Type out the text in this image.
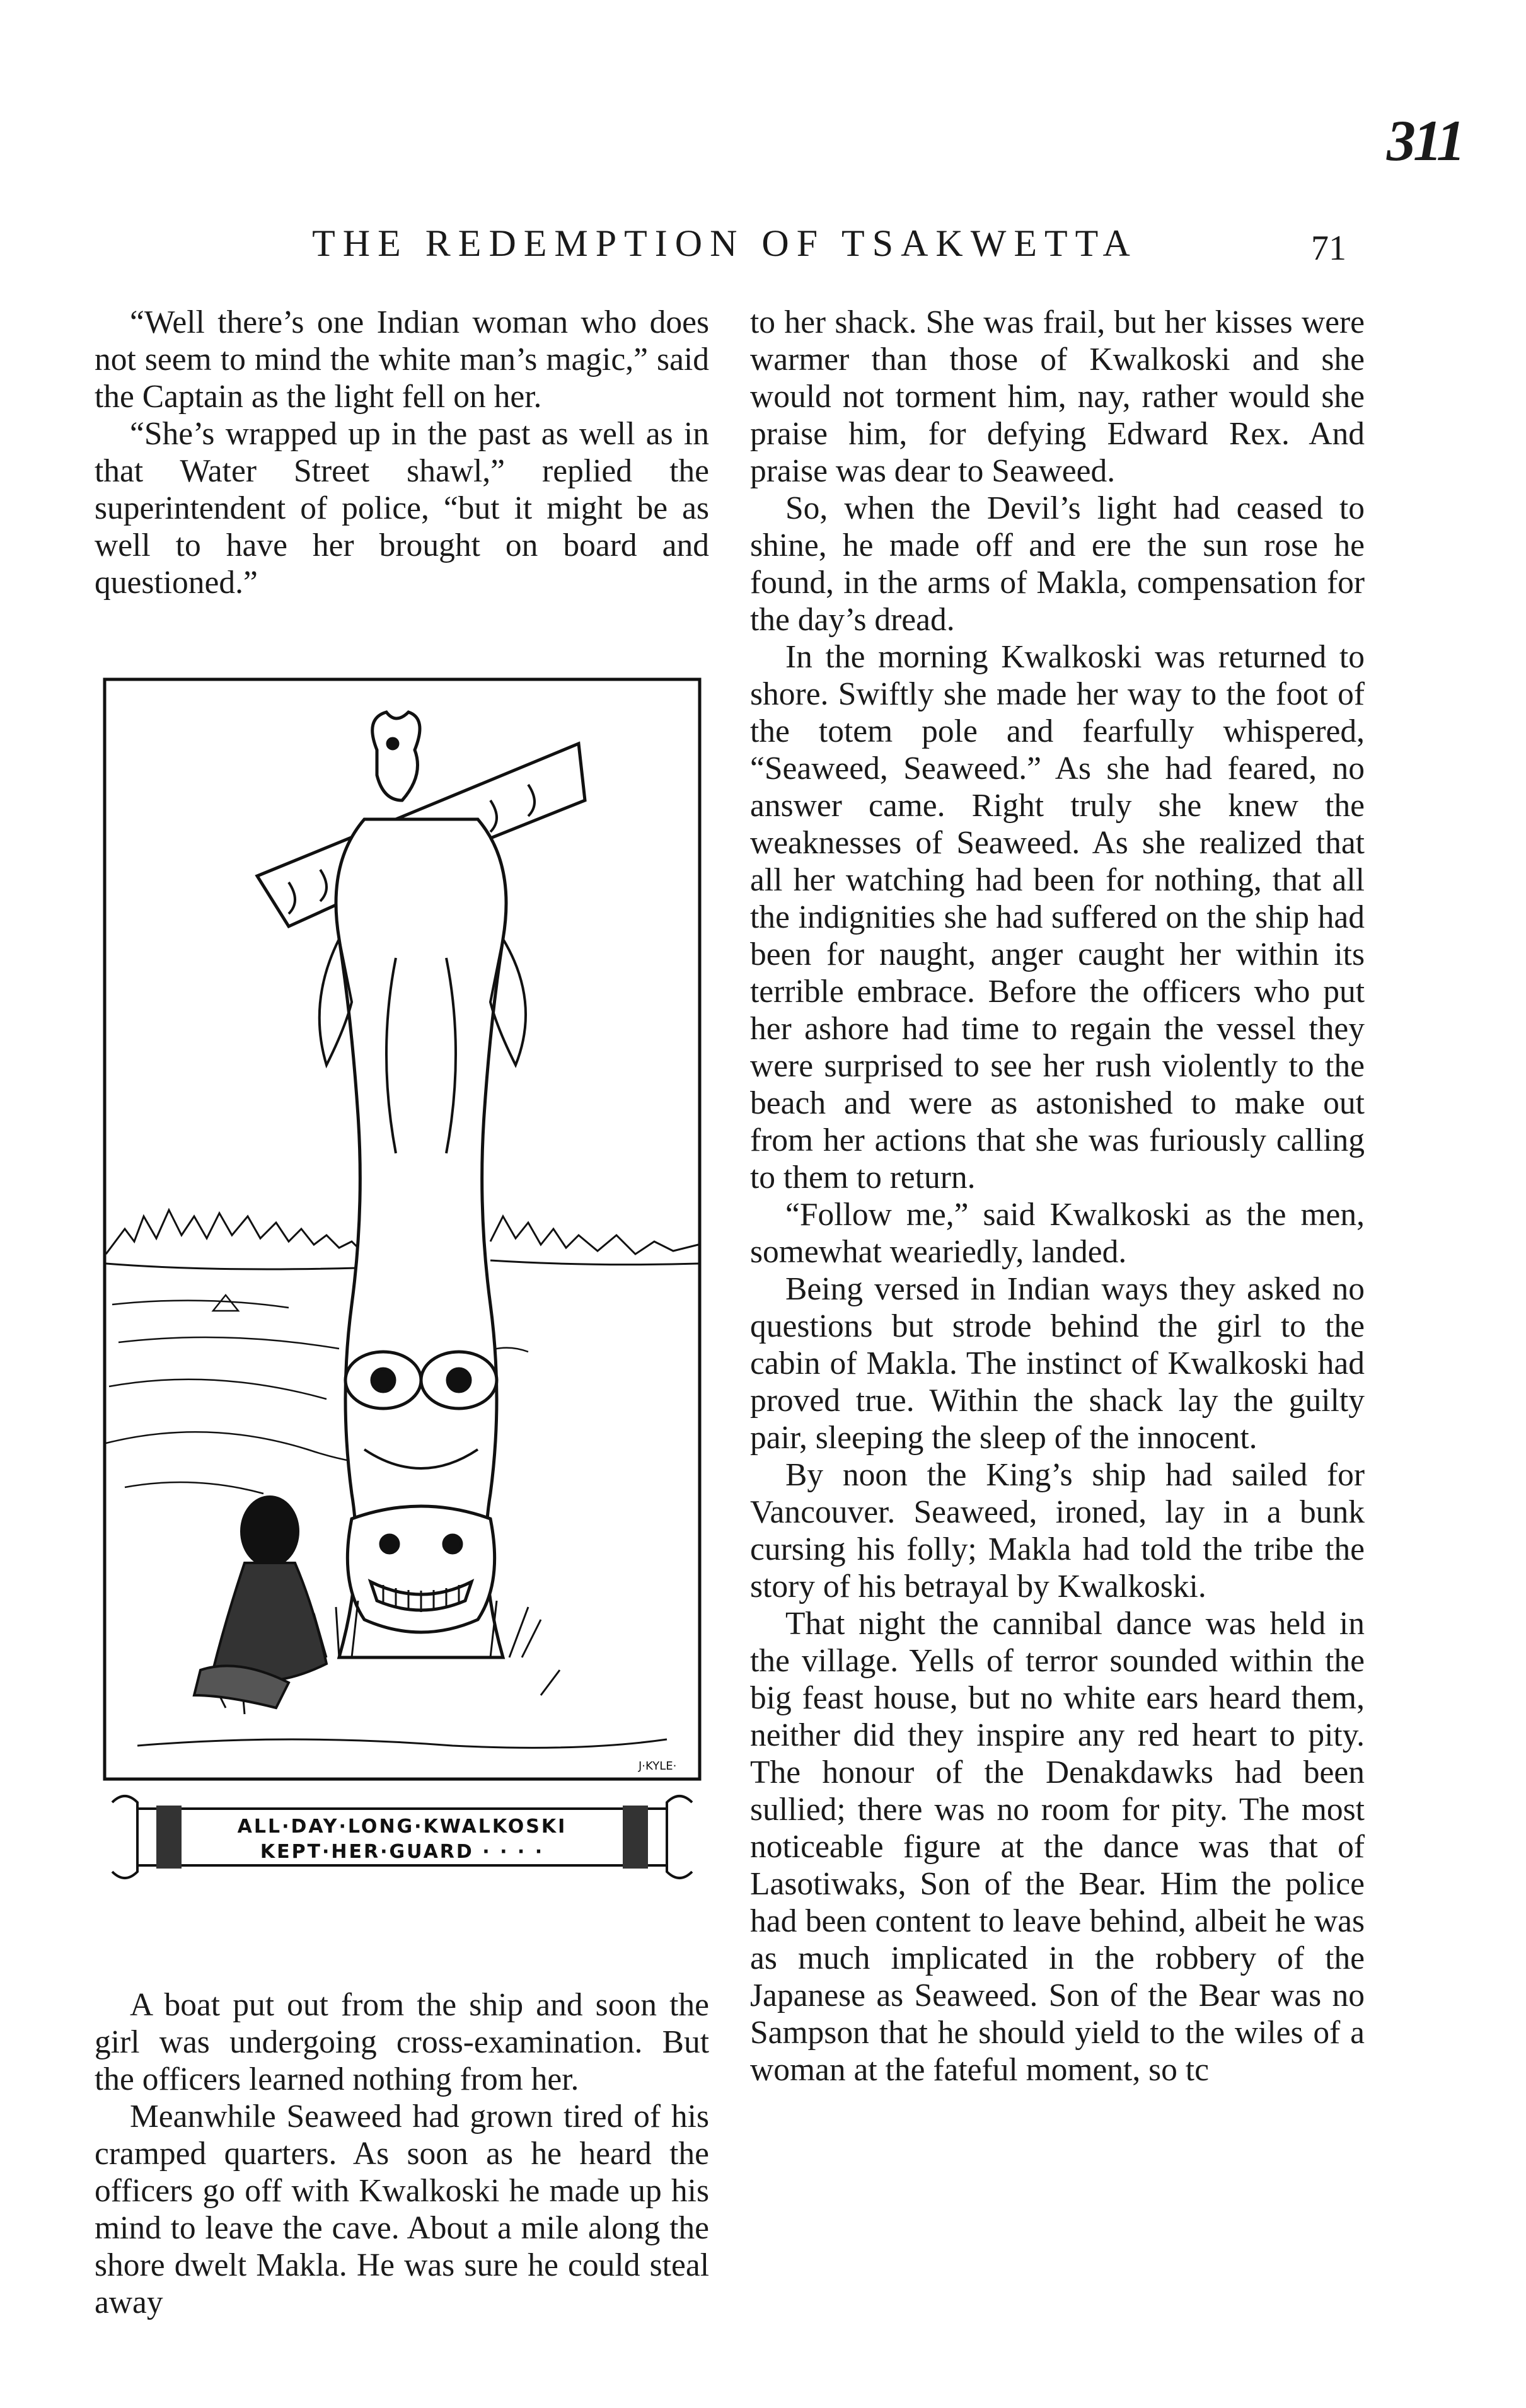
311
THE REDEMPTION OF TSAKWETTA	71

“Well there’s one Indian woman who does not seem to mind the white man’s magic,” said the Captain as the light fell on her.

“She’s wrapped up in the past as well as in that Water Street shawl,” replied the superintendent of police, “but it might be as well to have her brought on board and questioned.”

J·KYLE·
ALL·DAY·LONG·KWALKOSKI
KEPT·HER·GUARD · · · ·

A boat put out from the ship and soon the girl was undergoing cross-examination. But the officers learned nothing from her.

Meanwhile Seaweed had grown tired of his cramped quarters. As soon as he heard the officers go off with Kwalkoski he made up his mind to leave the cave. About a mile along the shore dwelt Makla. He was sure he could steal away

to her shack. She was frail, but her kisses were warmer than those of Kwalkoski and she would not torment him, nay, rather would she praise him, for defying Edward Rex. And praise was dear to Seaweed.

So, when the Devil’s light had ceased to shine, he made off and ere the sun rose he found, in the arms of Makla, compensation for the day’s dread.

In the morning Kwalkoski was returned to shore. Swiftly she made her way to the foot of the totem pole and fearfully whispered, “Seaweed, Seaweed.” As she had feared, no answer came. Right truly she knew the weaknesses of Seaweed. As she realized that all her watching had been for nothing, that all the indignities she had suffered on the ship had been for naught, anger caught her within its terrible embrace. Before the officers who put her ashore had time to regain the vessel they were surprised to see her rush violently to the beach and were as astonished to make out from her actions that she was furiously calling to them to return.

“Follow me,” said Kwalkoski as the men, somewhat weariedly, landed.

Being versed in Indian ways they asked no questions but strode behind the girl to the cabin of Makla. The instinct of Kwalkoski had proved true. Within the shack lay the guilty pair, sleeping the sleep of the innocent.

By noon the King’s ship had sailed for Vancouver. Seaweed, ironed, lay in a bunk cursing his folly; Makla had told the tribe the story of his betrayal by Kwalkoski.

That night the cannibal dance was held in the village. Yells of terror sounded within the big feast house, but no white ears heard them, neither did they inspire any red heart to pity. The honour of the Denakdawks had been sullied; there was no room for pity. The most noticeable figure at the dance was that of Lasotiwaks, Son of the Bear. Him the police had been content to leave behind, albeit he was as much implicated in the robbery of the Japanese as Seaweed. Son of the Bear was no Sampson that he should yield to the wiles of a woman at the fateful moment, so tc
